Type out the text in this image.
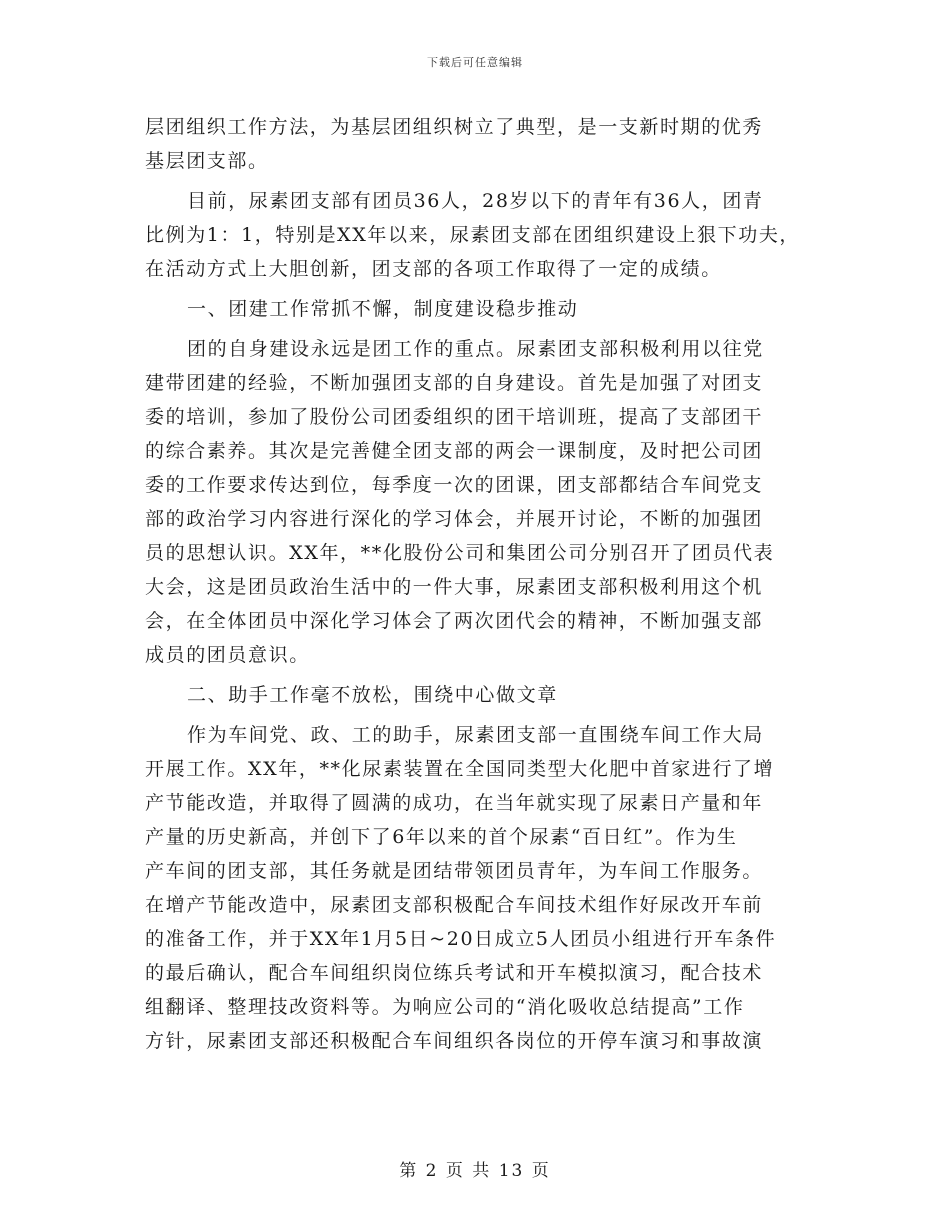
下载后可任意编辑
层团组织工作方法，为基层团组织树立了典型，是一支新时期的优秀
基层团支部。
目前，尿素团支部有团员36人，28岁以下的青年有36人，团青
比例为1：1，特别是XX年以来，尿素团支部在团组织建设上狠下功夫，
在活动方式上大胆创新，团支部的各项工作取得了一定的成绩。
一、团建工作常抓不懈，制度建设稳步推动
团的自身建设永远是团工作的重点。尿素团支部积极利用以往党
建带团建的经验，不断加强团支部的自身建设。首先是加强了对团支
委的培训，参加了股份公司团委组织的团干培训班，提高了支部团干
的综合素养。其次是完善健全团支部的两会一课制度，及时把公司团
委的工作要求传达到位，每季度一次的团课，团支部都结合车间党支
部的政治学习内容进行深化的学习体会，并展开讨论，不断的加强团
员的思想认识。XX年，**化股份公司和集团公司分别召开了团员代表
大会，这是团员政治生活中的一件大事，尿素团支部积极利用这个机
会，在全体团员中深化学习体会了两次团代会的精神，不断加强支部
成员的团员意识。
二、助手工作毫不放松，围绕中心做文章
作为车间党、政、工的助手，尿素团支部一直围绕车间工作大局
开展工作。XX年，**化尿素装置在全国同类型大化肥中首家进行了增
产节能改造，并取得了圆满的成功，在当年就实现了尿素日产量和年
产量的历史新高，并创下了6年以来的首个尿素“百日红”。作为生
产车间的团支部，其任务就是团结带领团员青年，为车间工作服务。
在增产节能改造中，尿素团支部积极配合车间技术组作好尿改开车前
的准备工作，并于XX年1月5日~20日成立5人团员小组进行开车条件
的最后确认，配合车间组织岗位练兵考试和开车模拟演习，配合技术
组翻译、整理技改资料等。为响应公司的“消化吸收总结提高”工作
方针，尿素团支部还积极配合车间组织各岗位的开停车演习和事故演
第 2 页 共 13 页
